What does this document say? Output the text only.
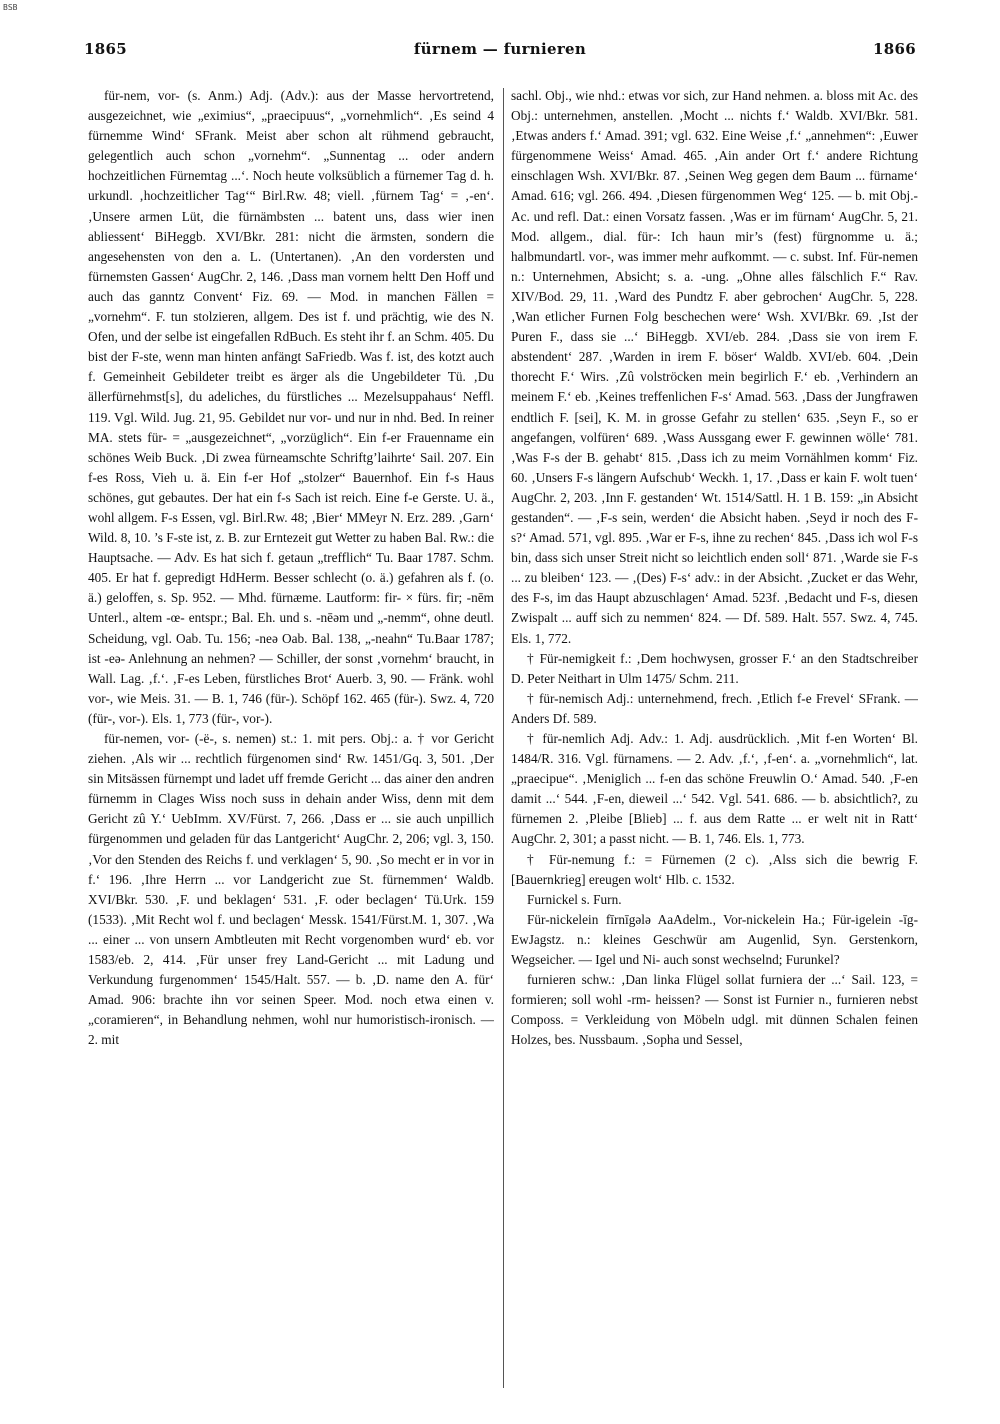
BSB
1865	fürnem — furnieren	1866

für-nem, vor- (s. Anm.) Adj. (Adv.): aus der Masse hervortretend, ausgezeichnet, wie „eximius“, „praecipuus“, „vornehmlich“. ‚Es seind 4 fürnemme Wind‘ SFrank. Meist aber schon alt rühmend gebraucht, gelegentlich auch schon „vornehm“. „Sunnentag ... oder andern hochzeitlichen Fürnemtag ...‘. Noch heute volksüblich a fürnemer Tag d. h. urkundl. ‚hochzeitlicher Tag‘“ Birl.Rw. 48; viell. ‚fürnem Tag‘ = ‚-en‘. ‚Unsere armen Lüt, die fürnämbsten ... batent uns, dass wier inen abliessent‘ BiHeggb. XVI/Bkr. 281: nicht die ärmsten, sondern die angesehensten von den a. L. (Untertanen). ‚An den vordersten und fürnemsten Gassen‘ AugChr. 2, 146. ‚Dass man vornem heltt Den Hoff und auch das ganntz Convent‘ Fiz. 69. — Mod. in manchen Fällen = „vornehm“. F. tun stolzieren, allgem. Des ist f. und prächtig, wie des N. Ofen, und der selbe ist eingefallen RdBuch. Es steht ihr f. an Schm. 405. Du bist der F-ste, wenn man hinten anfängt SaFriedb. Was f. ist, des kotzt auch f. Gemeinheit Gebildeter treibt es ärger als die Ungebildeter Tü. ‚Du ällerfürnehmst[s], du adeliches, du fürstliches ... Mezelsuppahaus‘ Neffl. 119. Vgl. Wild. Jug. 21, 95. Gebildet nur vor- und nur in nhd. Bed. In reiner MA. stets für- = „ausgezeichnet“, „vorzüglich“. Ein f-er Frauenname ein schönes Weib Buck. ‚Di zwea fürneamschte Schriftg’laihrte‘ Sail. 207. Ein f-es Ross, Vieh u. ä. Ein f-er Hof „stolzer“ Bauernhof. Ein f-s Haus schönes, gut gebautes. Der hat ein f-s Sach ist reich. Eine f-e Gerste. U. ä., wohl allgem. F-s Essen, vgl. Birl.Rw. 48; ‚Bier‘ MMeyr N. Erz. 289. ‚Garn‘ Wild. 8, 10. ’s F-ste ist, z. B. zur Erntezeit gut Wetter zu haben Bal. Rw.: die Hauptsache. — Adv. Es hat sich f. getaun „trefflich“ Tu. Baar 1787. Schm. 405. Er hat f. gepredigt HdHerm. Besser schlecht (o. ä.) gefahren als f. (o. ä.) geloffen, s. Sp. 952. — Mhd. fürnæme. Lautform: fir- × fürs. fir; -nēm Unterl., altem -œ- entspr.; Bal. Eh. und s. -nēəm und „-nemm“, ohne deutl. Scheidung, vgl. Oab. Tu. 156; -neə Oab. Bal. 138, „-neahn“ Tu.Baar 1787; ist -eə- Anlehnung an nehmen? — Schiller, der sonst ‚vornehm‘ braucht, in Wall. Lag. ‚f.‘. ‚F-es Leben, fürstliches Brot‘ Auerb. 3, 90. — Fränk. wohl vor-, wie Meis. 31. — B. 1, 746 (für-). Schöpf 162. 465 (für-). Swz. 4, 720 (für-, vor-). Els. 1, 773 (für-, vor-).

für-nemen, vor- (-ë-, s. nemen) st.: 1. mit pers. Obj.: a. † vor Gericht ziehen. ‚Als wir ... rechtlich fürgenomen sind‘ Rw. 1451/Gq. 3, 501. ‚Der sin Mitsässen fürnempt und ladet uff fremde Gericht ... das ainer den andren fürnemm in Clages Wiss noch suss in dehain ander Wiss, denn mit dem Gericht zû Y.‘ UebImm. XV/Fürst. 7, 266. ‚Dass er ... sie auch unpillich fürgenommen und geladen für das Lantgericht‘ AugChr. 2, 206; vgl. 3, 150. ‚Vor den Stenden des Reichs f. und verklagen‘ 5, 90. ‚So mecht er in vor in f.‘ 196. ‚Ihre Herrn ... vor Landgericht zue St. fürnemmen‘ Waldb. XVI/Bkr. 530. ‚F. und beklagen‘ 531. ‚F. oder beclagen‘ Tü.Urk. 159 (1533). ‚Mit Recht wol f. und beclagen‘ Messk. 1541/Fürst.M. 1, 307. ‚Wa ... einer ... von unsern Ambtleuten mit Recht vorgenomben wurd‘ eb. vor 1583/eb. 2, 414. ‚Für unser frey Land-Gericht ... mit Ladung und Verkundung furgenommen‘ 1545/Halt. 557. — b. ‚D. name den A. für‘ Amad. 906: brachte ihn vor seinen Speer. Mod. noch etwa einen v. „coramieren“, in Behandlung nehmen, wohl nur humoristisch-ironisch. — 2. mit

sachl. Obj., wie nhd.: etwas vor sich, zur Hand nehmen. a. bloss mit Ac. des Obj.: unternehmen, anstellen. ‚Mocht ... nichts f.‘ Waldb. XVI/Bkr. 581. ‚Etwas anders f.‘ Amad. 391; vgl. 632. Eine Weise ‚f.‘ „annehmen“: ‚Euwer fürgenommene Weiss‘ Amad. 465. ‚Ain ander Ort f.‘ andere Richtung einschlagen Wsh. XVI/Bkr. 87. ‚Seinen Weg gegen dem Baum ... fürname‘ Amad. 616; vgl. 266. 494. ‚Diesen fürgenommen Weg‘ 125. — b. mit Obj.-Ac. und refl. Dat.: einen Vorsatz fassen. ‚Was er im fürnam‘ AugChr. 5, 21. Mod. allgem., dial. für-: Ich haun mir’s (fest) fürgnomme u. ä.; halbmundartl. vor-, was immer mehr aufkommt. — c. subst. Inf. Für-nemen n.: Unternehmen, Absicht; s. a. -ung. „Ohne alles fälschlich F.“ Rav. XIV/Bod. 29, 11. ‚Ward des Pundtz F. aber gebrochen‘ AugChr. 5, 228. ‚Wan etlicher Furnen Folg beschechen were‘ Wsh. XVI/Bkr. 69. ‚Ist der Puren F., dass sie ...‘ BiHeggb. XVI/eb. 284. ‚Dass sie von irem F. abstendent‘ 287. ‚Warden in irem F. böser‘ Waldb. XVI/eb. 604. ‚Dein thorecht F.‘ Wirs. ‚Zû volströcken mein begirlich F.‘ eb. ‚Verhindern an meinem F.‘ eb. ‚Keines treffenlichen F-s‘ Amad. 563. ‚Dass der Jungfrawen endtlich F. [sei], K. M. in grosse Gefahr zu stellen‘ 635. ‚Seyn F., so er angefangen, volfüren‘ 689. ‚Wass Aussgang ewer F. gewinnen wölle‘ 781. ‚Was F-s der B. gehabt‘ 815. ‚Dass ich zu meim Vornählmen komm‘ Fiz. 60. ‚Unsers F-s längern Aufschub‘ Weckh. 1, 17. ‚Dass er kain F. wolt tuen‘ AugChr. 2, 203. ‚Inn F. gestanden‘ Wt. 1514/Sattl. H. 1 B. 159: „in Absicht gestanden“. — ‚F-s sein, werden‘ die Absicht haben. ‚Seyd ir noch des F-s?‘ Amad. 571, vgl. 895. ‚War er F-s, ihne zu rechen‘ 845. ‚Dass ich wol F-s bin, dass sich unser Streit nicht so leichtlich enden soll‘ 871. ‚Warde sie F-s ... zu bleiben‘ 123. — ‚(Des) F-s‘ adv.: in der Absicht. ‚Zucket er das Wehr, des F-s, im das Haupt abzuschlagen‘ Amad. 523f. ‚Bedacht und F-s, diesen Zwispalt ... auff sich zu nemmen‘ 824. — Df. 589. Halt. 557. Swz. 4, 745. Els. 1, 772.

† Für-nemigkeit f.: ‚Dem hochwysen, grosser F.‘ an den Stadtschreiber D. Peter Neithart in Ulm 1475/ Schm. 211.

† für-nemisch Adj.: unternehmend, frech. ‚Etlich f-e Frevel‘ SFrank. — Anders Df. 589.

† für-nemlich Adj. Adv.: 1. Adj. ausdrücklich. ‚Mit f-en Worten‘ Bl. 1484/R. 316. Vgl. fürnamens. — 2. Adv. ‚f.‘, ‚f-en‘. a. „vornehmlich“, lat. „praecipue“. ‚Meniglich ... f-en das schöne Freuwlin O.‘ Amad. 540. ‚F-en damit ...‘ 544. ‚F-en, dieweil ...‘ 542. Vgl. 541. 686. — b. absichtlich?, zu fürnemen 2. ‚Pleibe [Blieb] ... f. aus dem Ratte ... er welt nit in Ratt‘ AugChr. 2, 301; a passt nicht. — B. 1, 746. Els. 1, 773.

† Für-nemung f.: = Fürnemen (2 c). ‚Alss sich die bewrig F. [Bauernkrieg] ereugen wolt‘ Hlb. c. 1532.

Furnickel s. Furn.

Für-nickelein fīrnīgələ AaAdelm., Vor-nickelein Ha.; Für-igelein -īg- EwJagstz. n.: kleines Geschwür am Augenlid, Syn. Gerstenkorn, Wegseicher. — Igel und Ni- auch sonst wechselnd; Furunkel?

furnieren schw.: ‚Dan linka Flügel sollat furniera der ...‘ Sail. 123, = formieren; soll wohl -rm- heissen? — Sonst ist Furnier n., furnieren nebst Composs. = Verkleidung von Möbeln udgl. mit dünnen Schalen feinen Holzes, bes. Nussbaum. ‚Sopha und Sessel,
